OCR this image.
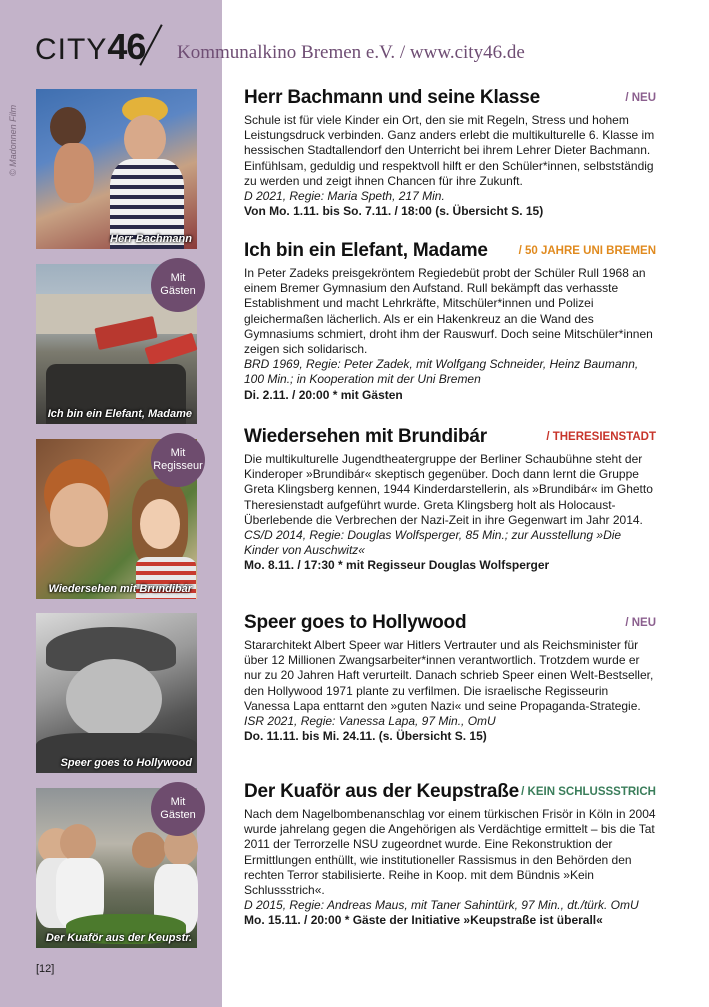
CITY46 Kommunalkino Bremen e.V. / www.city46.de
© Madonnen Film
Herr Bachmann
Mit
Gästen
Ich bin ein Elefant, Madame
Mit
Regisseur
Wiedersehen mit Brundibár
Speer goes to Hollywood
Mit
Gästen
Der Kuaför aus der Keupstr.
[12]
Herr Bachmann und seine Klasse	/ NEU
Schule ist für viele Kinder ein Ort, den sie mit Regeln, Stress und hohem Leistungsdruck verbinden. Ganz anders erlebt die multikulturelle 6. Klasse im hessischen Stadtallendorf den Unterricht bei ihrem Lehrer Dieter Bachmann. Einfühlsam, geduldig und respektvoll hilft er den Schüler*innen, selbstständig zu werden und zeigt ihnen Chancen für ihre Zukunft.
D 2021, Regie: Maria Speth, 217 Min.
Von Mo. 1.11. bis So. 7.11. / 18:00 (s. Übersicht S. 15)
Ich bin ein Elefant, Madame	/ 50 JAHRE UNI BREMEN
In Peter Zadeks preisgekröntem Regiedebüt probt der Schüler Rull 1968 an einem Bremer Gymnasium den Aufstand. Rull bekämpft das verhasste Establishment und macht Lehrkräfte, Mitschüler*innen und Polizei gleichermaßen lächerlich. Als er ein Hakenkreuz an die Wand des Gymnasiums schmiert, droht ihm der Rauswurf. Doch seine Mitschüler*innen zeigen sich solidarisch.
BRD 1969, Regie: Peter Zadek, mit Wolfgang Schneider, Heinz Baumann, 100 Min.; in Kooperation mit der Uni Bremen
Di. 2.11. / 20:00 * mit Gästen
Wiedersehen mit Brundibár	/ THERESIENSTADT
Die multikulturelle Jugendtheatergruppe der Berliner Schaubühne steht der Kinderoper »Brundibár« skeptisch gegenüber. Doch dann lernt die Gruppe Greta Klingsberg kennen, 1944 Kinderdarstellerin, als »Brundibár« im Ghetto Theresienstadt aufgeführt wurde. Greta Klingsberg holt als Holocaust-Überlebende die Verbrechen der Nazi-Zeit in ihre Gegenwart im Jahr 2014.
CS/D 2014, Regie: Douglas Wolfsperger, 85 Min.; zur Ausstellung »Die Kinder von Auschwitz«
Mo. 8.11. / 17:30 * mit Regisseur Douglas Wolfsperger
Speer goes to Hollywood	/ NEU
Stararchitekt Albert Speer war Hitlers Vertrauter und als Reichsminister für über 12 Millionen Zwangsarbeiter*innen verantwortlich. Trotzdem wurde er nur zu 20 Jahren Haft verurteilt. Danach schrieb Speer einen Welt-Bestseller, den Hollywood 1971 plante zu verfilmen. Die israelische Regisseurin Vanessa Lapa enttarnt den »guten Nazi« und seine Propaganda-Strategie.
ISR 2021, Regie: Vanessa Lapa, 97 Min., OmU
Do. 11.11. bis Mi. 24.11. (s. Übersicht S. 15)
Der Kuaför aus der Keupstraße / KEIN SCHLUSSSTRICH
Nach dem Nagelbombenanschlag vor einem türkischen Frisör in Köln in 2004 wurde jahrelang gegen die Angehörigen als Verdächtige ermittelt – bis die Tat 2011 der Terrorzelle NSU zugeordnet wurde. Eine Rekonstruktion der Ermittlungen enthüllt, wie institutioneller Rassismus in den Behörden den rechten Terror stabilisierte. Reihe in Koop. mit dem Bündnis »Kein Schlussstrich«.
D 2015, Regie: Andreas Maus, mit Taner Sahintürk, 97 Min., dt./türk. OmU
Mo. 15.11. / 20:00 * Gäste der Initiative »Keupstraße ist überall«
